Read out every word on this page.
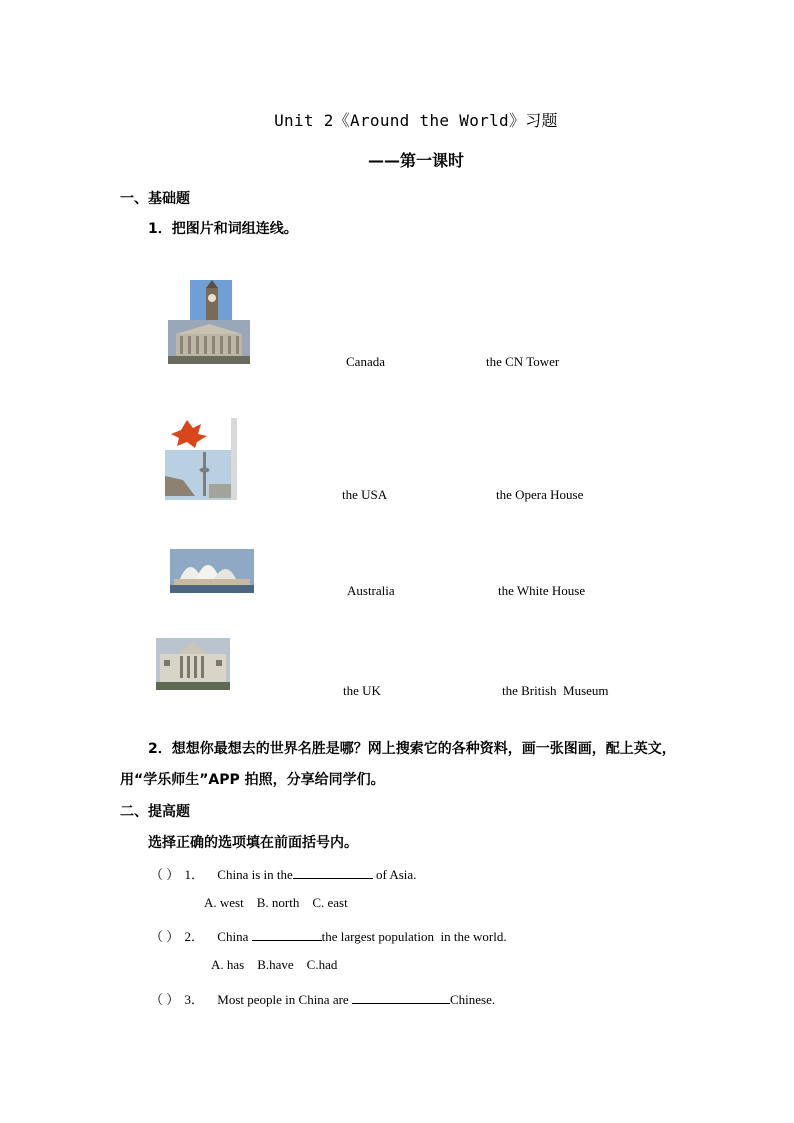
Unit 2《Around the World》习题
——第一课时
一、基础题
1．把图片和词组连线。
Canada	the CN Tower
the USA	the Opera House
Australia	the White House
the UK	the British  Museum
2．想想你最想去的世界名胜是哪？网上搜索它的各种资料，画一张图画，配上英文，
用“学乐师生”APP 拍照，分享给同学们。
二、提高题
选择正确的选项填在前面括号内。
（ ） 1． China is in the	of Asia.
A. west    B. north    C. east
（ ） 2． China	the largest population  in the world.
A. has    B.have    C.had
（ ） 3． Most people in China are	Chinese.
